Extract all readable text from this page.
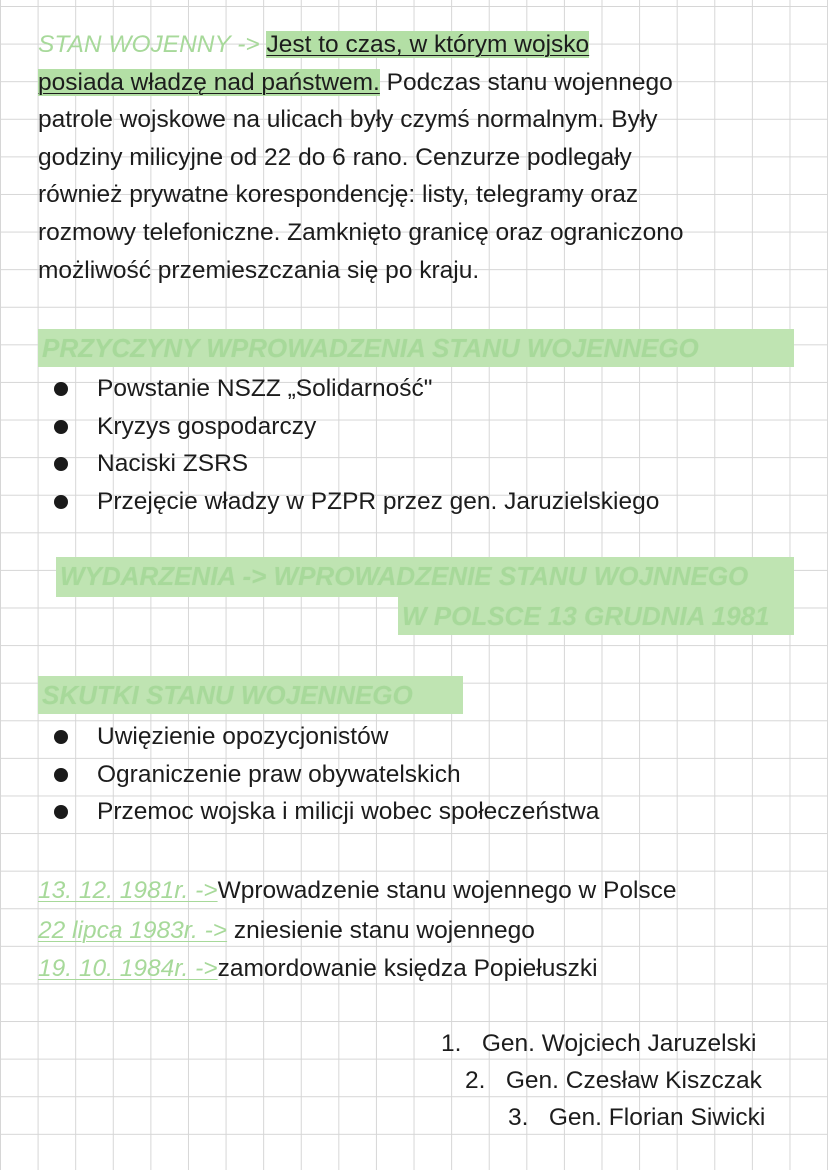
STAN WOJENNY -> Jest to czas, w którym wojsko
posiada władzę nad państwem. Podczas stanu wojennego
patrole wojskowe na ulicach były czymś normalnym. Były
godziny milicyjne od 22 do 6 rano. Cenzurze podlegały
również prywatne korespondencję: listy, telegramy oraz
rozmowy telefoniczne. Zamknięto granicę oraz ograniczono
możliwość przemieszczania się po kraju.
PRZYCZYNY WPROWADZENIA STANU WOJENNEGO
Powstanie NSZZ „Solidarność"
Kryzys gospodarczy
Naciski ZSRS
Przejęcie władzy w PZPR przez gen. Jaruzielskiego
WYDARZENIA -> WPROWADZENIE STANU WOJNNEGO
W POLSCE 13 GRUDNIA 1981
SKUTKI STANU WOJENNEGO
Uwięzienie opozycjonistów
Ograniczenie praw obywatelskich
Przemoc wojska i milicji wobec społeczeństwa
13. 12. 1981r. ->Wprowadzenie stanu wojennego w Polsce
22 lipca 1983r. -> zniesienie stanu wojennego
19. 10. 1984r. ->zamordowanie księdza Popiełuszki
1. Gen. Wojciech Jaruzelski
2. Gen. Czesław Kiszczak
3. Gen. Florian Siwicki
